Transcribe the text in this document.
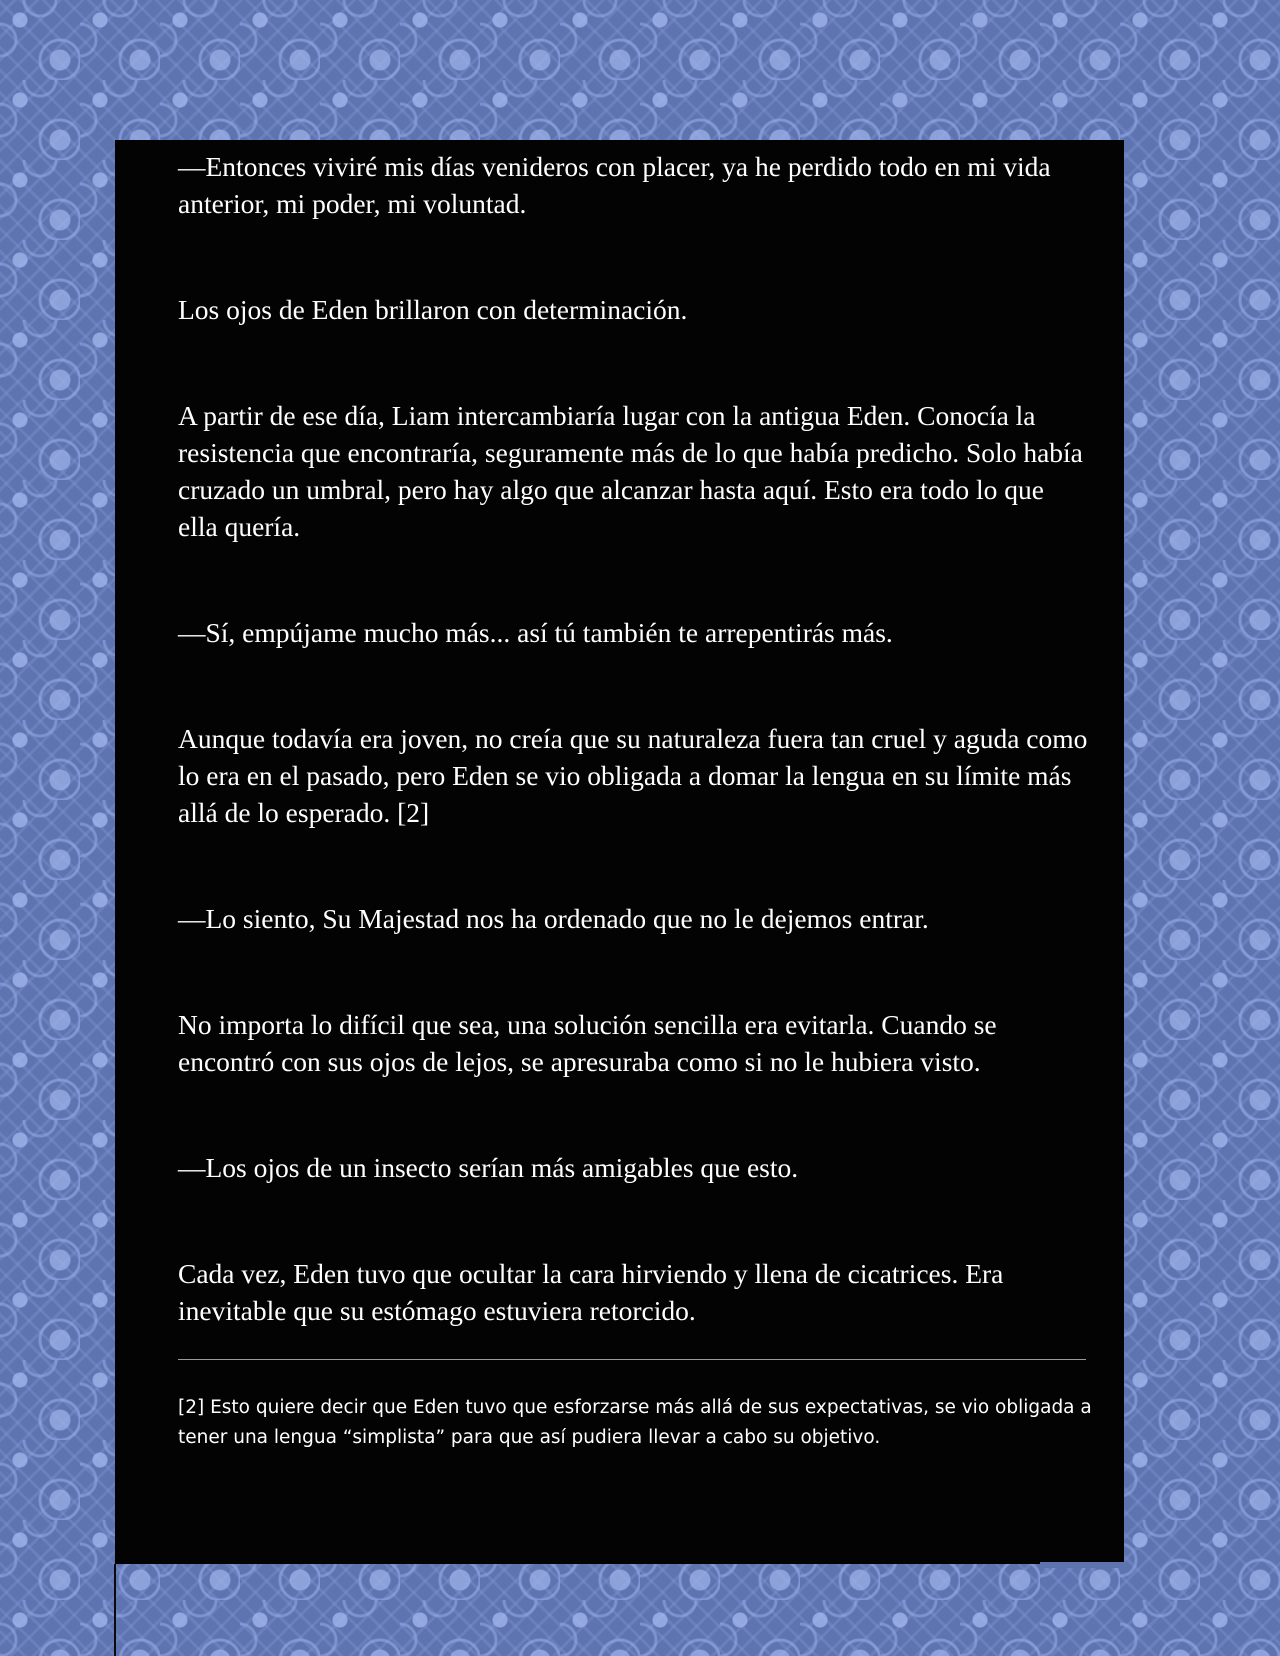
—Entonces viviré mis días venideros con placer, ya he perdido todo en mi vida anterior, mi poder, mi voluntad.

Los ojos de Eden brillaron con determinación.

A partir de ese día, Liam intercambiaría lugar con la antigua Eden. Conocía la resistencia que encontraría, seguramente más de lo que había predicho. Solo había cruzado un umbral, pero hay algo que alcanzar hasta aquí. Esto era todo lo que ella quería.

—Sí, empújame mucho más... así tú también te arrepentirás más.

Aunque todavía era joven, no creía que su naturaleza fuera tan cruel y aguda como lo era en el pasado, pero Eden se vio obligada a domar la lengua en su límite más allá de lo esperado. [2]

—Lo siento, Su Majestad nos ha ordenado que no le dejemos entrar.

No importa lo difícil que sea, una solución sencilla era evitarla. Cuando se encontró con sus ojos de lejos, se apresuraba como si no le hubiera visto.

—Los ojos de un insecto serían más amigables que esto.

Cada vez, Eden tuvo que ocultar la cara hirviendo y llena de cicatrices. Era inevitable que su estómago estuviera retorcido.

[2] Esto quiere decir que Eden tuvo que esforzarse más allá de sus expectativas, se vio obligada a tener una lengua “simplista” para que así pudiera llevar a cabo su objetivo.
